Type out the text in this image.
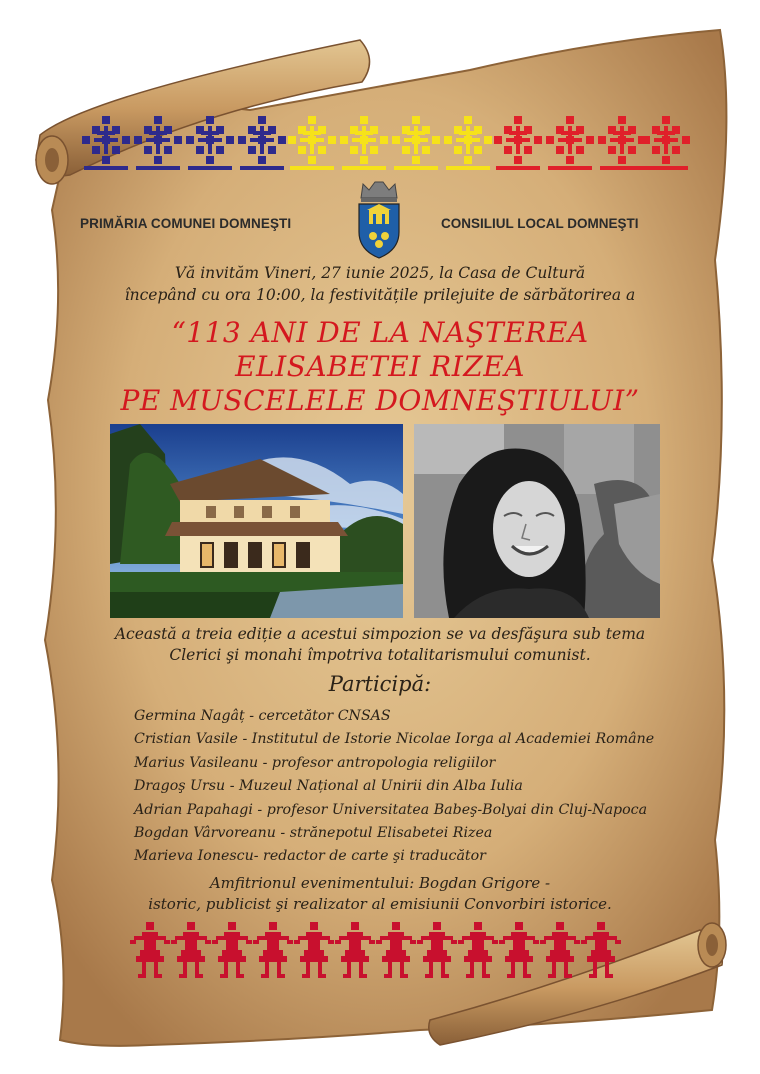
PRIMĂRIA COMUNEI DOMNEŞTI	CONSILIUL LOCAL DOMNEŞTI
Vă invităm Vineri, 27 iunie 2025, la Casa de Cultură
începând cu ora 10:00, la festivitățile prilejuite de sărbătorirea a
“113 ANI DE LA NAŞTEREA
ELISABETEI RIZEA
PE MUSCELELE DOMNEŞTIULUI”
Această a treia ediție a acestui simpozion se va desfăşura sub tema
Clerici şi monahi împotriva totalitarismului comunist.
Participă:
Germina Nagâț - cercetător CNSAS
Cristian Vasile - Institutul de Istorie Nicolae Iorga al Academiei Române
Marius Vasileanu - profesor antropologia religiilor
Dragoş Ursu - Muzeul Național al Unirii din Alba Iulia
Adrian Papahagi - profesor Universitatea Babeş-Bolyai din Cluj-Napoca
Bogdan Vârvoreanu - strănepotul Elisabetei Rizea
Marieva Ionescu- redactor de carte şi traducător
Amfitrionul evenimentului: Bogdan Grigore -
istoric, publicist şi realizator al emisiunii Convorbiri istorice.
